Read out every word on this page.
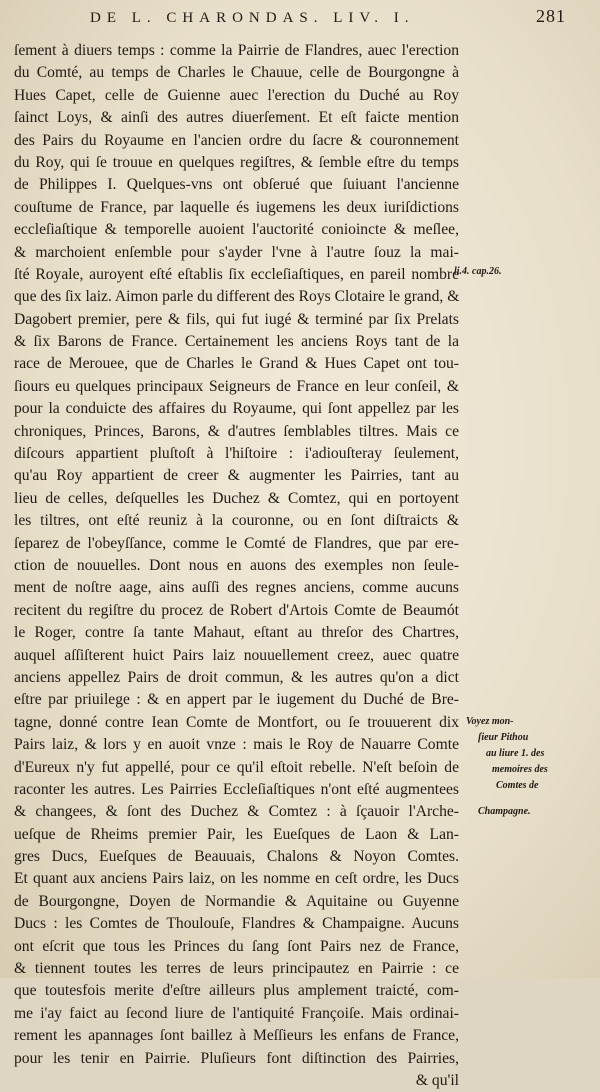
DE L. CHARONDAS. LIV. I.	281
ſement à diuers temps : comme la Pairrie de Flandres, auec l'erection
du Comté, au temps de Charles le Chauue, celle de Bourgongne à
Hues Capet, celle de Guienne auec l'erection du Duché au Roy
ſainct Loys, & ainſi des autres diuerſement. Et eſt faicte mention
des Pairs du Royaume en l'ancien ordre du ſacre & couronnement
du Roy, qui ſe trouue en quelques regiſtres, & ſemble eſtre du temps
de Philippes I. Quelques-vns ont obſerué que ſuiuant l'ancienne
couſtume de France, par laquelle és iugemens les deux iuriſdictions
eccleſiaſtique & temporelle auoient l'auctorité conioincte & meſlee,
& marchoient enſemble pour s'ayder l'vne à l'autre ſouz la mai-
ſté Royale, auroyent eſté eſtablis ſix eccleſiaſtiques, en pareil nombre
que des ſix laiz. Aimon parle du different des Roys Clotaire le grand, &
Dagobert premier, pere & fils, qui fut iugé & terminé par ſix Prelats
& ſix Barons de France. Certainement les anciens Roys tant de la
race de Merouee, que de Charles le Grand & Hues Capet ont tou-
ſiours eu quelques principaux Seigneurs de France en leur conſeil, &
pour la conduicte des affaires du Royaume, qui ſont appellez par les
chroniques, Princes, Barons, & d'autres ſemblables tiltres. Mais ce
diſcours appartient pluſtoſt à l'hiſtoire : i'adiouſteray ſeulement,
qu'au Roy appartient de creer & augmenter les Pairries, tant au
lieu de celles, deſquelles les Duchez & Comtez, qui en portoyent
les tiltres, ont eſté reuniz à la couronne, ou en ſont diſtraicts &
ſeparez de l'obeyſſance, comme le Comté de Flandres, que par ere-
ction de nouuelles. Dont nous en auons des exemples non ſeule-
ment de noſtre aage, ains auſſi des regnes anciens, comme aucuns
recitent du regiſtre du procez de Robert d'Artois Comte de Beaumót
le Roger, contre ſa tante Mahaut, eſtant au threſor des Chartres,
auquel aſſiſterent huict Pairs laiz nouuellement creez, auec quatre
anciens appellez Pairs de droit commun, & les autres qu'on a dict
eſtre par priuilege : & en appert par le iugement du Duché de Bre-
tagne, donné contre Iean Comte de Montfort, ou ſe trouuerent dix
Pairs laiz, & lors y en auoit vnze : mais le Roy de Nauarre Comte
d'Eureux n'y fut appellé, pour ce qu'il eſtoit rebelle. N'eſt beſoin de
raconter les autres. Les Pairries Eccleſiaſtiques n'ont eſté augmentees
& changees, & ſont des Duchez & Comtez : à ſçauoir l'Arche-
ueſque de Rheims premier Pair, les Eueſques de Laon & Lan-
gres Ducs, Eueſques de Beauuais, Chalons & Noyon Comtes.
Et quant aux anciens Pairs laiz, on les nomme en ceſt ordre, les Ducs
de Bourgongne, Doyen de Normandie & Aquitaine ou Guyenne
Ducs : les Comtes de Thoulouſe, Flandres & Champaigne. Aucuns
ont eſcrit que tous les Princes du ſang ſont Pairs nez de France,
& tiennent toutes les terres de leurs principautez en Pairrie : ce
que toutesfois merite d'eſtre ailleurs plus amplement traicté, com-
me i'ay faict au ſecond liure de l'antiquité Françoiſe. Mais ordinai-
rement les apannages ſont baillez à Meſſieurs les enfans de France,
pour les tenir en Pairrie. Pluſieurs font diſtinction des Pairries,
& qu'il
li.4. cap.26.
Voyez mon-
ſieur Pithou
au liure 1. des
memoires des
Comtes de
Champagne.
